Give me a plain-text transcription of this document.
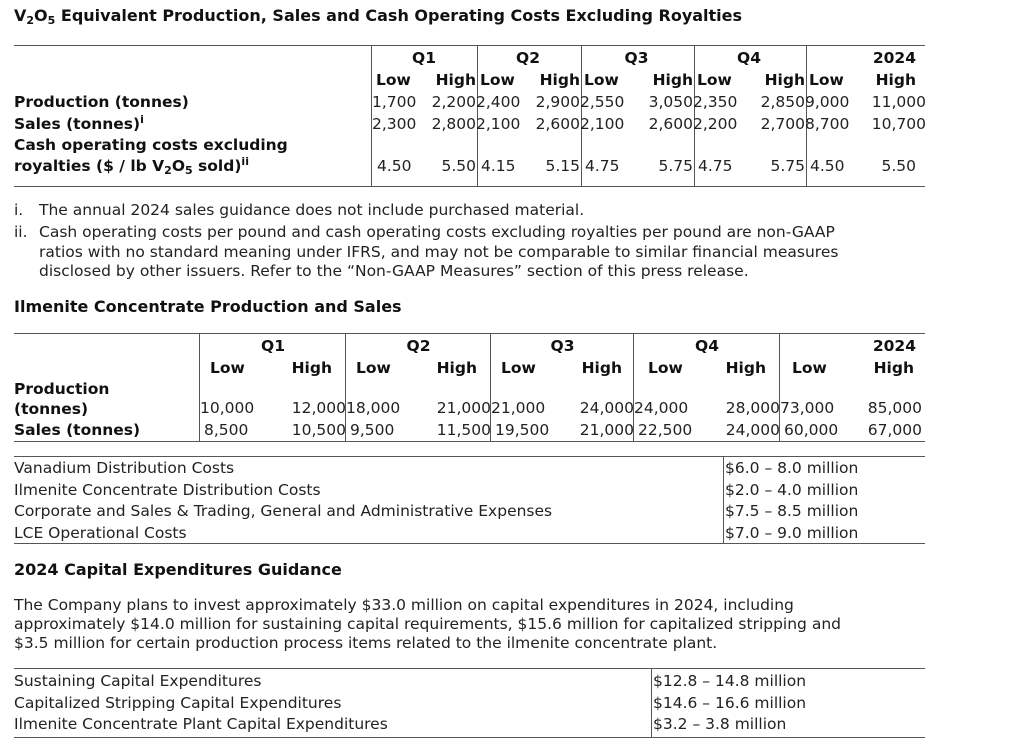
$V_2O_5$ Equivalent Production, Sales and Cash Operating Costs Excluding Royalties
	Q1		Q2		Q3		Q4		2024	
	Low	High	Low	High	Low	High	Low	High	Low	High
Production (tonnes)	1,700	2,200	2,400	2,900	2,550	3,050	2,350	2,850	9,000	11,000
Sales (tonnes)$^i$	2,300	2,800	2,100	2,600	2,100	2,600	2,200	2,700	8,700	10,700

Cash operating costs excluding
royalties ($ / lb $V_2O_5$ sold)$^{ii}$	4.50	5.50	4.15	5.15	4.75	5.75	4.75	5.75	4.50	5.50
i. The annual 2024 sales guidance does not include purchased material.
ii. Cash operating costs per pound and cash operating costs excluding royalties per pound are non-GAAP
ratios with no standard meaning under IFRS, and may not be comparable to similar financial measures
disclosed by other issuers. Refer to the “Non-GAAP Measures” section of this press release.
Ilmenite Concentrate Production and Sales
	Q1		Q2		Q3		Q4		2024	
	Low	High	Low	High	Low	High	Low	High	Low	High

Production
(tonnes)	10,000	12,000	18,000	21,000	21,000	24,000	24,000	28,000	73,000	85,000
Sales (tonnes)	8,500	10,500	9,500	11,500	19,500	21,000	22,500	24,000	60,000	67,000
Vanadium Distribution Costs	$6.0 – 8.0 million
Ilmenite Concentrate Distribution Costs	$2.0 – 4.0 million
Corporate and Sales & Trading, General and Administrative Expenses	$7.5 – 8.5 million
LCE Operational Costs	$7.0 – 9.0 million
2024 Capital Expenditures Guidance
The Company plans to invest approximately $33.0 million on capital expenditures in 2024, including
approximately $14.0 million for sustaining capital requirements, $15.6 million for capitalized stripping and
$3.5 million for certain production process items related to the ilmenite concentrate plant.
Sustaining Capital Expenditures	$12.8 – 14.8 million
Capitalized Stripping Capital Expenditures	$14.6 – 16.6 million
Ilmenite Concentrate Plant Capital Expenditures	$3.2 – 3.8 million
